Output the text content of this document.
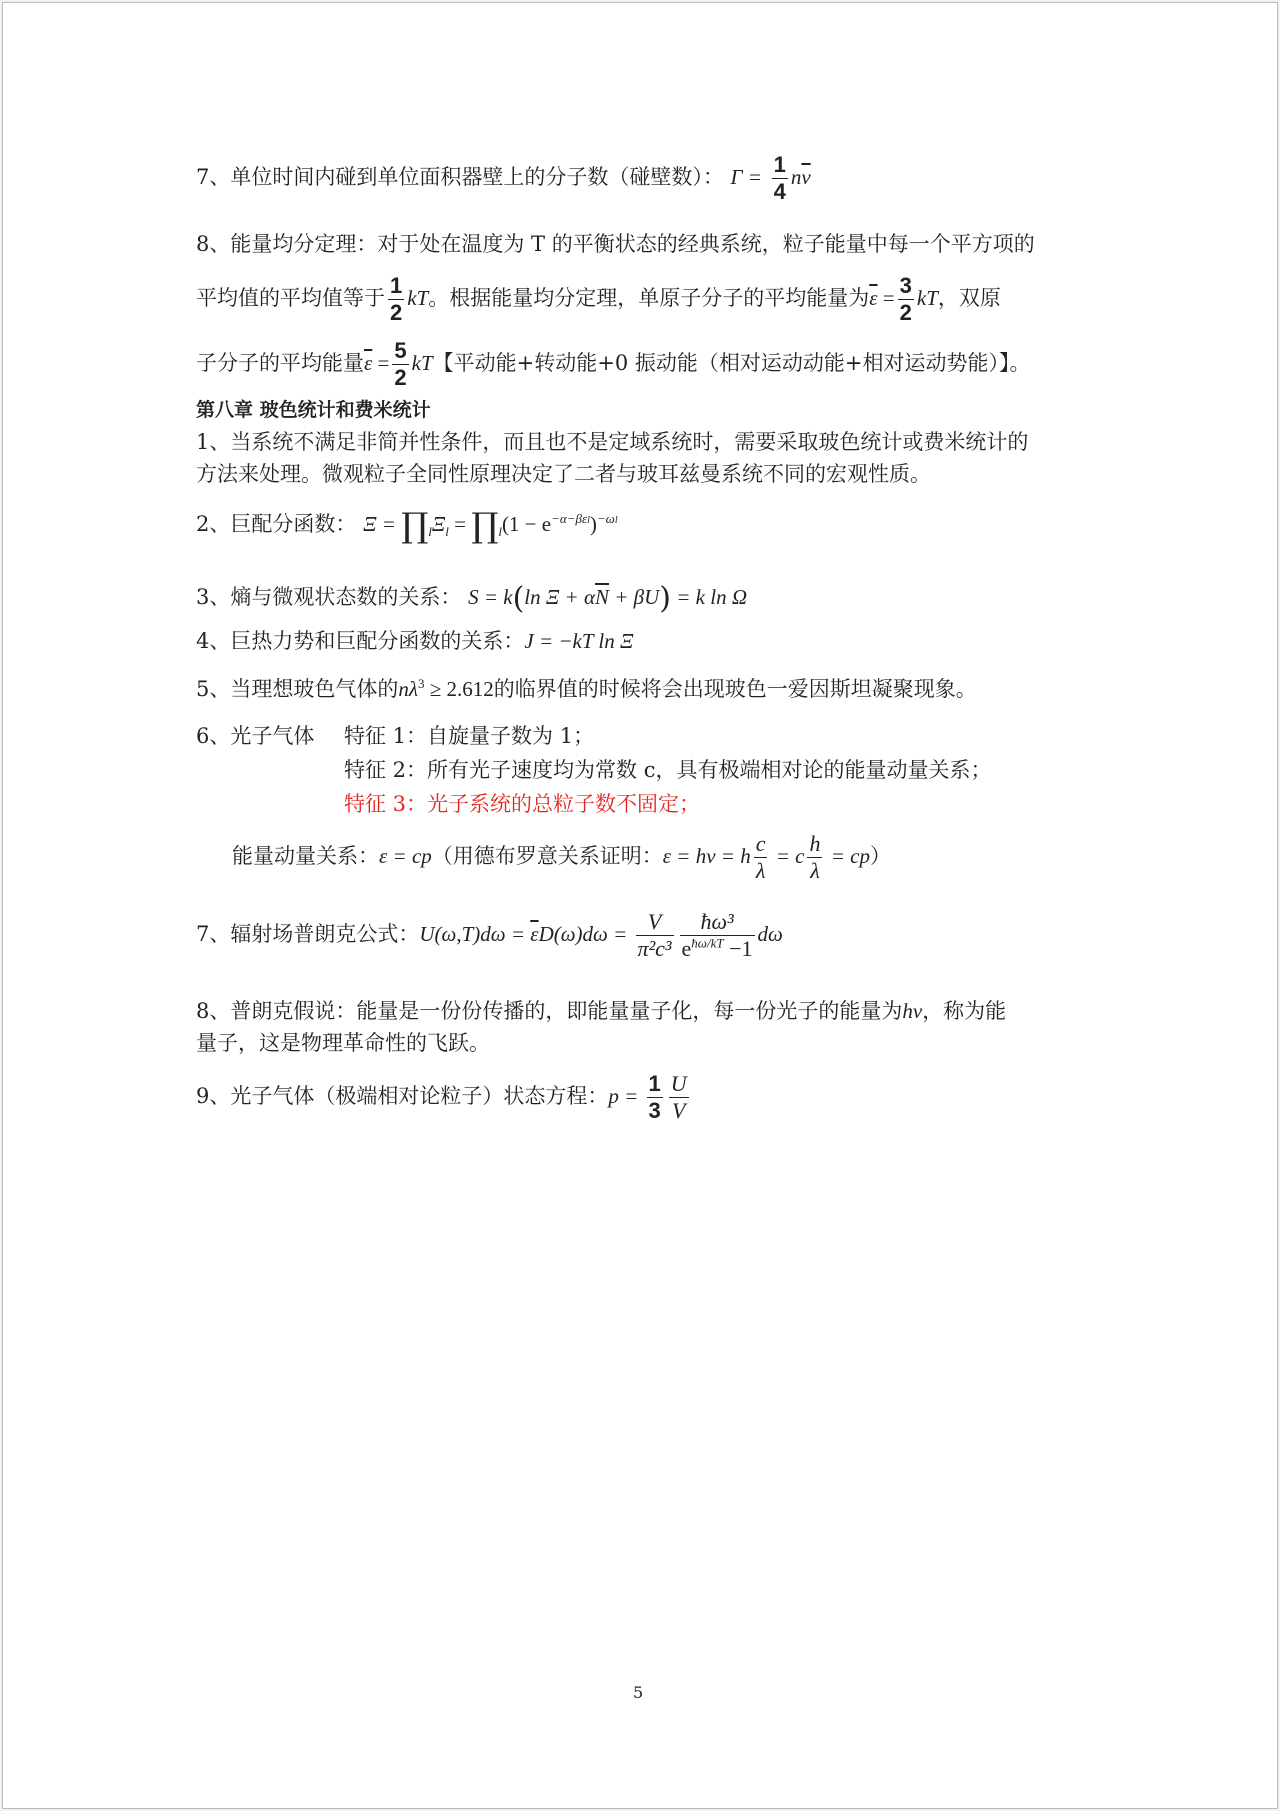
7、单位时间内碰到单位面积器壁上的分子数（碰壁数）： $\Gamma = \frac{1}{4} n\overline{v}$
8、能量均分定理：对于处在温度为 T 的平衡状态的经典系统，粒子能量中每一个平方项的
平均值的平均值等于 $\frac{1}{2}$ kT。根据能量均分定理，单原子分子的平均能量为$\overline{\varepsilon} = \frac{3}{2}$ kT，双原
子分子的平均能量$\overline{\varepsilon} = \frac{5}{2}$ kT【平动能+转动能+0 振动能（相对运动动能+相对运动势能）】。
第八章 玻色统计和费米统计
1、当系统不满足非简并性条件，而且也不是定域系统时，需要采取玻色统计或费米统计的
方法来处理。微观粒子全同性原理决定了二者与玻耳兹曼系统不同的宏观性质。
2、巨配分函数： $\Xi = \prod_l\Xi_l$ = $\prod_l(1 - e^{-\alpha-\beta\varepsilon l})^{-\omega l}$
3、熵与微观状态数的关系： S = k(ln $\Xi + \alpha\overline{N} + \beta U) = k$ ln Ω
4、巨热力势和巨配分函数的关系：J = −kT ln Ξ
5、当理想玻色气体的$n\lambda^3 \ge 2.612$的临界值的时候将会出现玻色一爱因斯坦凝聚现象。
6、光子气体 特征 1：自旋量子数为 1；
特征 2：所有光子速度均为常数 c，具有极端相对论的能量动量关系；
特征 3：光子系统的总粒子数不固定；
能量动量关系：ε = cp（用德布罗意关系证明：ε = hν = h $\frac{c}{\lambda} = c \frac{h}{\lambda} = cp$）
7、辐射场普朗克公式：$U(\omega,T)d\omega = \overline{\varepsilon}D(\omega)d\omega = \frac{V}{\text{π²c³}} \frac{\text{ħω³}}{e^{ħ\omega/kT} -1}$ dω
8、普朗克假说：能量是一份份传播的，即能量量子化，每一份光子的能量为hν，称为能
量子，这是物理革命性的飞跃。
9、光子气体（极端相对论粒子）状态方程：$p = \frac{1}{3} \frac{U}{V}$
5
